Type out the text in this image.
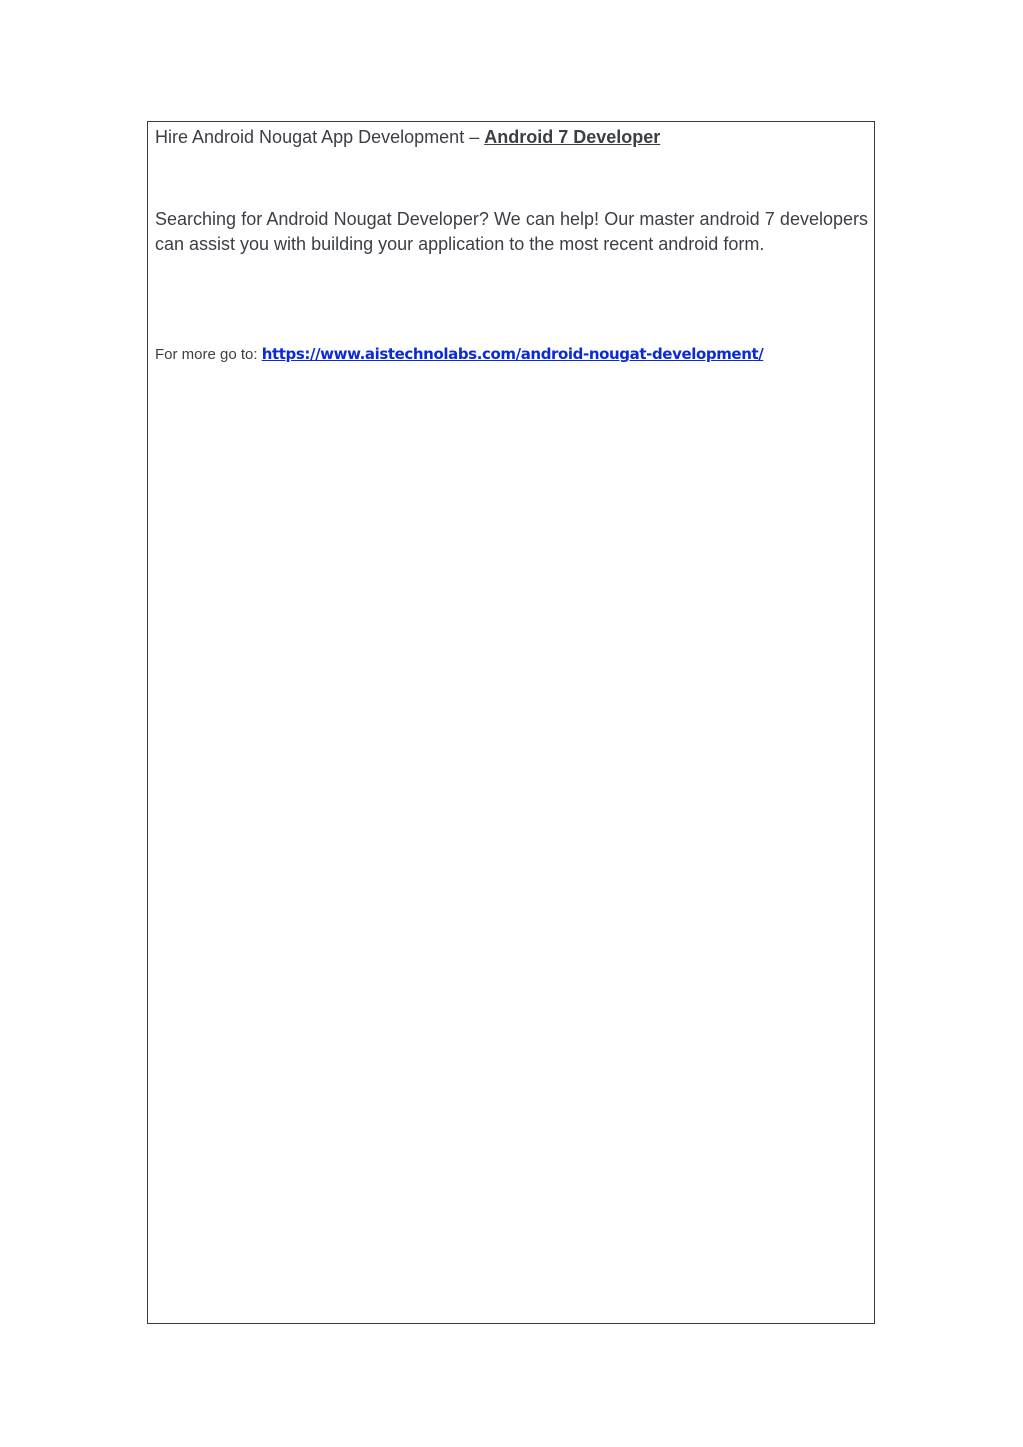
Hire Android Nougat App Development – Android 7 Developer

Searching for Android Nougat Developer? We can help! Our master android 7 developers can assist you with building your application to the most recent android form.

For more go to: https://www.aistechnolabs.com/android-nougat-development/
